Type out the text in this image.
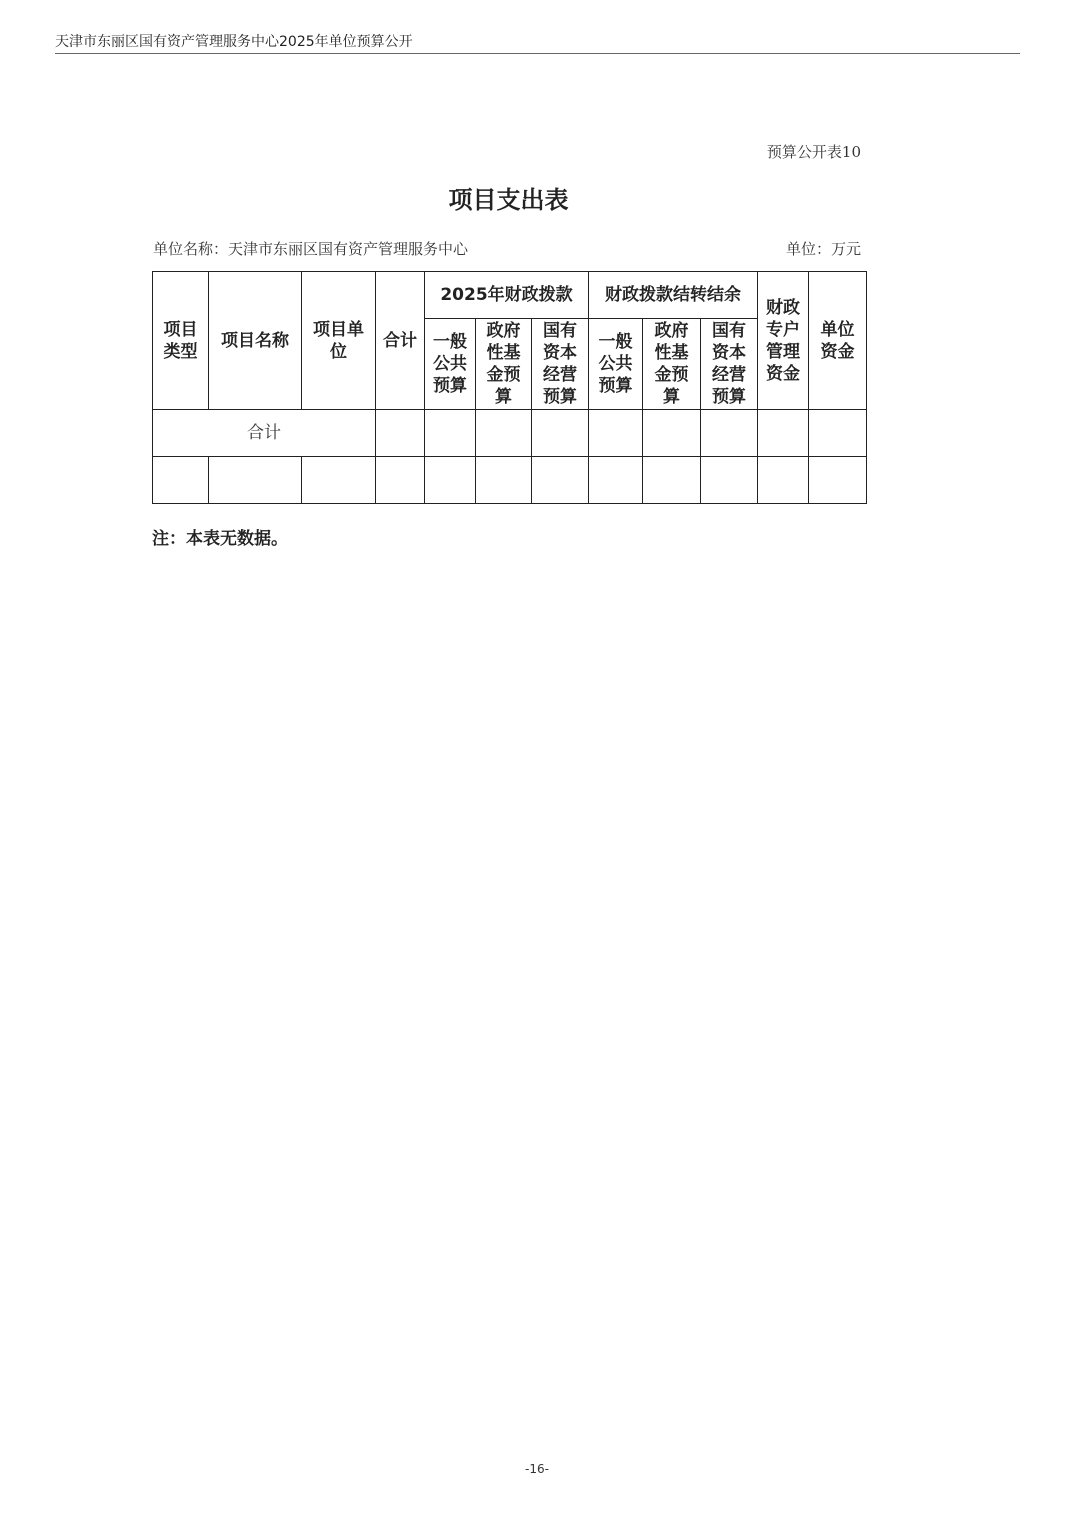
天津市东丽区国有资产管理服务中心2025年单位预算公开
预算公开表10
项目支出表
单位名称：天津市东丽区国有资产管理服务中心	单位：万元
项目类型	项目名称	项目单位	合计	2025年财政拨款			财政拨款结转结余			财政专户管理资金	单位资金

				一般公共预算	政府性基金预算	国有资本经营预算	一般公共预算	政府性基金预算	国有资本经营预算		

合计											

注：本表无数据。
-16-
